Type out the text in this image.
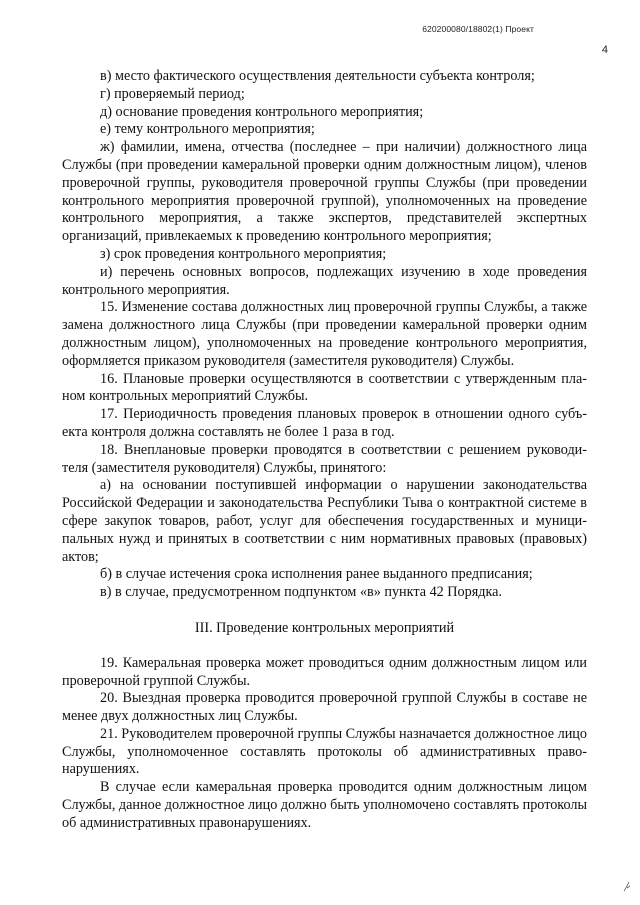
620200080/18802(1) Проект
4

в) место фактического осуществления деятельности субъекта контроля;

г) проверяемый период;

д) основание проведения контрольного мероприятия;

е) тему контрольного мероприятия;

ж) фамилии, имена, отчества (последнее – при наличии) должностного лица Службы (при проведении камеральной проверки одним должностным лицом), членов проверочной группы, руководителя проверочной группы Службы (при проведении контрольного мероприятия проверочной группой), уполномоченных на проведение контрольного мероприятия, а также экспертов, представителей экспертных организаций, привлекаемых к проведению контрольного мероприятия;

з) срок проведения контрольного мероприятия;

и) перечень основных вопросов, подлежащих изучению в ходе проведения контрольного мероприятия.

15. Изменение состава должностных лиц проверочной группы Службы, а также замена должностного лица Службы (при проведении камеральной проверки одним должностным лицом), уполномоченных на проведение контрольного мероприятия, оформляется приказом руководителя (заместителя руководителя) Службы.

16. Плановые проверки осуществляются в соответствии с утвержденным планом контрольных мероприятий Службы.

17. Периодичность проведения плановых проверок в отношении одного субъекта контроля должна составлять не более 1 раза в год.

18. Внеплановые проверки проводятся в соответствии с решением руководителя (заместителя руководителя) Службы, принятого:

а) на основании поступившей информации о нарушении законодательства Российской Федерации и законодательства Республики Тыва о контрактной системе в сфере закупок товаров, работ, услуг для обеспечения государственных и муниципальных нужд и принятых в соответствии с ним нормативных правовых (правовых) актов;

б) в случае истечения срока исполнения ранее выданного предписания;

в) в случае, предусмотренном подпунктом «в» пункта 42 Порядка.

III. Проведение контрольных мероприятий

19. Камеральная проверка может проводиться одним должностным лицом или проверочной группой Службы.

20. Выездная проверка проводится проверочной группой Службы в составе не менее двух должностных лиц Службы.

21. Руководителем проверочной группы Службы назначается должностное лицо Службы, уполномоченное составлять протоколы об административных правонарушениях.

В случае если камеральная проверка проводится одним должностным лицом Службы, данное должностное лицо должно быть уполномочено составлять протоколы об административных правонарушениях.
